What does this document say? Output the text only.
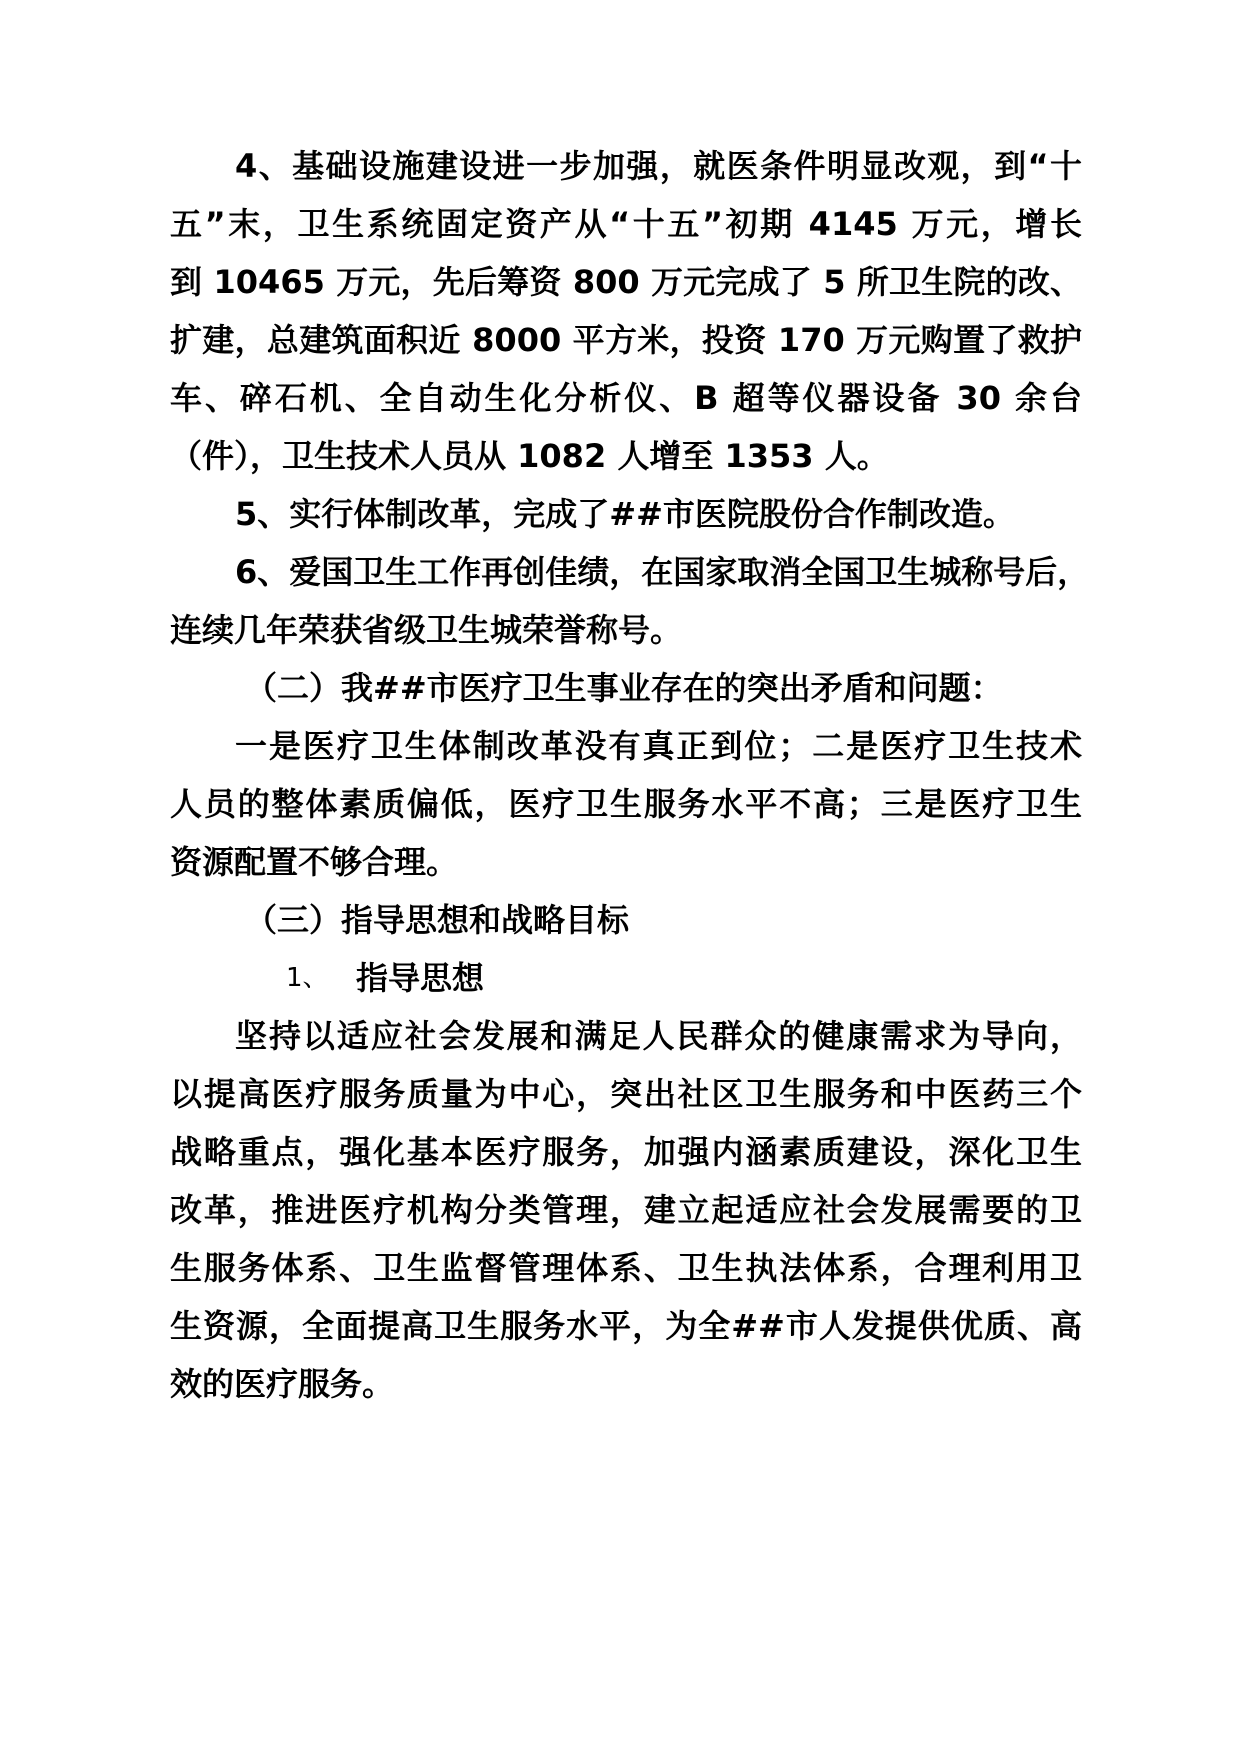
4、基础设施建设进一步加强，就医条件明显改观，到“十
五”末，卫生系统固定资产从“十五”初期 4145 万元，增长
到 10465 万元，先后筹资 800 万元完成了 5 所卫生院的改、
扩建，总建筑面积近 8000 平方米，投资 170 万元购置了救护
车、碎石机、全自动生化分析仪、B 超等仪器设备 30 余台
（件），卫生技术人员从 1082 人增至 1353 人。
5、实行体制改革，完成了##市医院股份合作制改造。
6、爱国卫生工作再创佳绩，在国家取消全国卫生城称号后，
连续几年荣获省级卫生城荣誉称号。
（二）我##市医疗卫生事业存在的突出矛盾和问题：
一是医疗卫生体制改革没有真正到位；二是医疗卫生技术
人员的整体素质偏低，医疗卫生服务水平不高；三是医疗卫生
资源配置不够合理。
（三）指导思想和战略目标
1、 指导思想
坚持以适应社会发展和满足人民群众的健康需求为导向，
以提高医疗服务质量为中心，突出社区卫生服务和中医药三个
战略重点，强化基本医疗服务，加强内涵素质建设，深化卫生
改革，推进医疗机构分类管理，建立起适应社会发展需要的卫
生服务体系、卫生监督管理体系、卫生执法体系，合理利用卫
生资源，全面提高卫生服务水平，为全##市人发提供优质、高
效的医疗服务。
